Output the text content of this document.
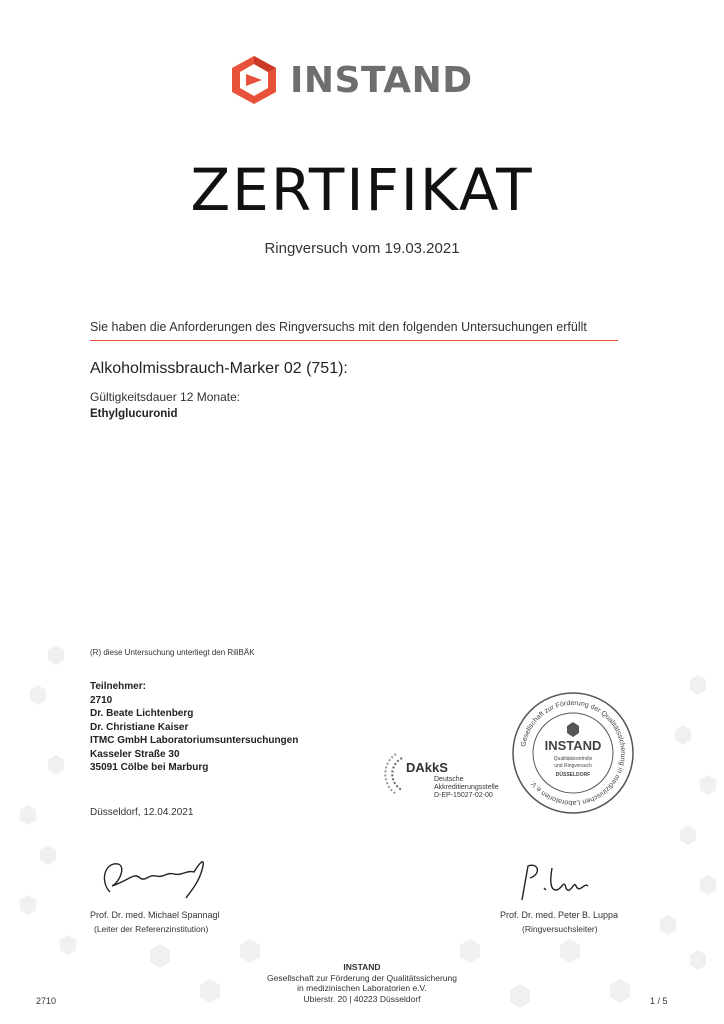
INSTAND
ZERTIFIKAT
Ringversuch vom 19.03.2021
Sie haben die Anforderungen des Ringversuchs mit den folgenden Untersuchungen erfüllt
Alkoholmissbrauch-Marker 02 (751):
Gültigkeitsdauer 12 Monate:
Ethylglucuronid
(R) diese Untersuchung unterliegt den RiliBÄK
Teilnehmer:
2710
Dr. Beate Lichtenberg
Dr. Christiane Kaiser
ITMC GmbH Laboratoriumsuntersuchungen
Kasseler Straße 30
35091 Cölbe bei Marburg
Düsseldorf, 12.04.2021
DAkkS
Deutsche
Akkreditierungsstelle
D-EP-15027-02-00
Gesellschaft zur Förderung der Qualitätssicherung in medizinischen Laboratorien e.V.
INSTAND
Qualitätskontrolle
und Ringversuch
DÜSSELDORF
Prof. Dr. med. Michael Spannagl
(Leiter der Referenzinstitution)
Prof. Dr. med. Peter B. Luppa
(Ringversuchsleiter)
INSTAND
Gesellschaft zur Förderung der Qualitätssicherung
in medizinischen Laboratorien e.V.
Ubierstr. 20 | 40223 Düsseldorf
2710	1 / 5
